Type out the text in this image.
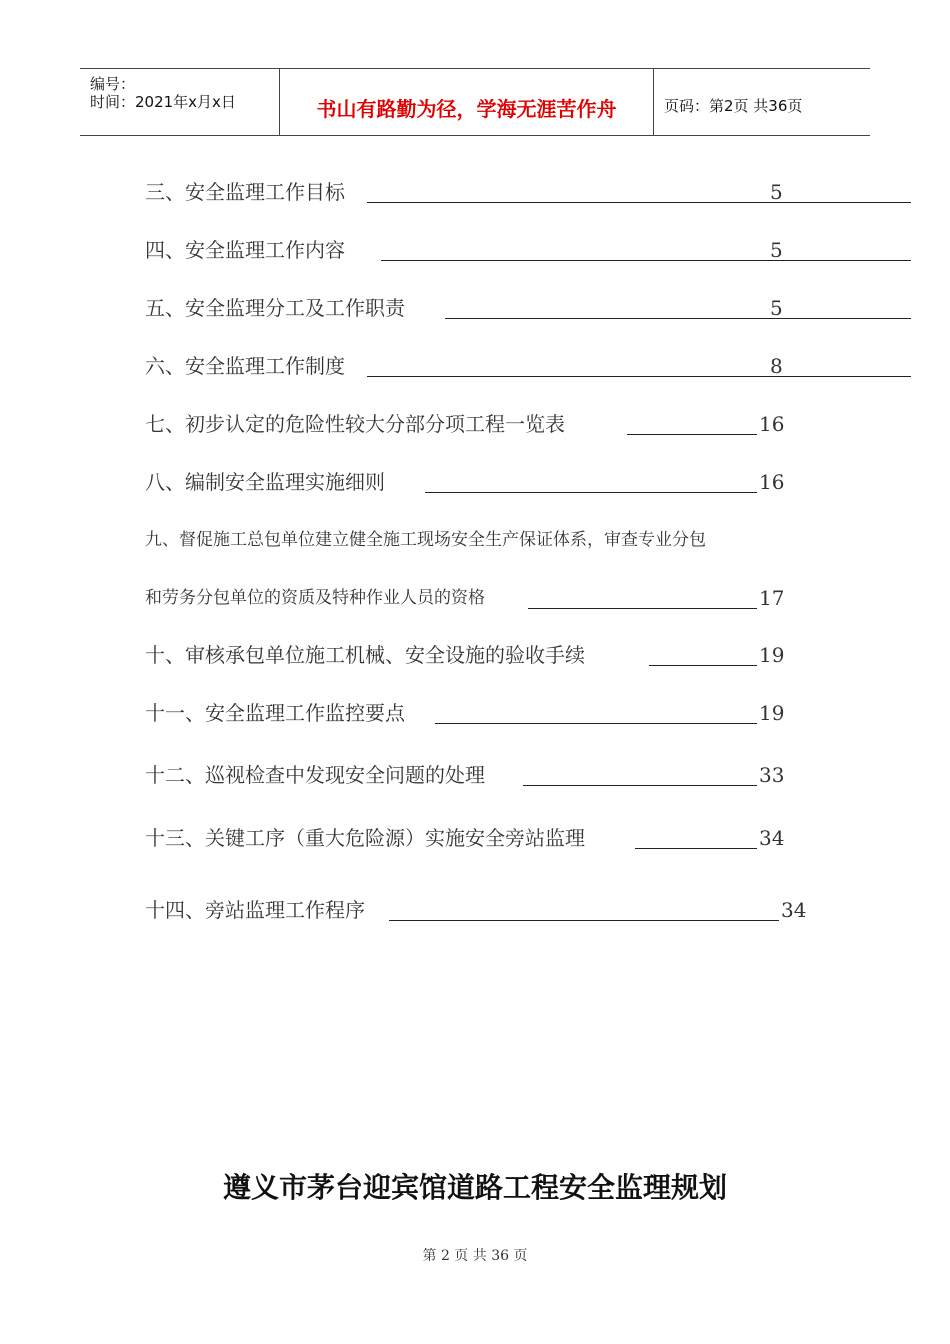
编号：
时间：2021年x月x日	书山有路勤为径，学海无涯苦作舟	页码：第2页 共36页
三、安全监理工作目标	5
四、安全监理工作内容	5
五、安全监理分工及工作职责	5
六、安全监理工作制度	8
七、初步认定的危险性较大分部分项工程一览表	16
八、编制安全监理实施细则	16
九、督促施工总包单位建立健全施工现场安全生产保证体系，审查专业分包
和劳务分包单位的资质及特种作业人员的资格	17
十、审核承包单位施工机械、安全设施的验收手续	19
十一、安全监理工作监控要点	19
十二、巡视检查中发现安全问题的处理	33
十三、关键工序（重大危险源）实施安全旁站监理	34
十四、旁站监理工作程序	34
遵义市茅台迎宾馆道路工程安全监理规划
第 2 页 共 36 页
